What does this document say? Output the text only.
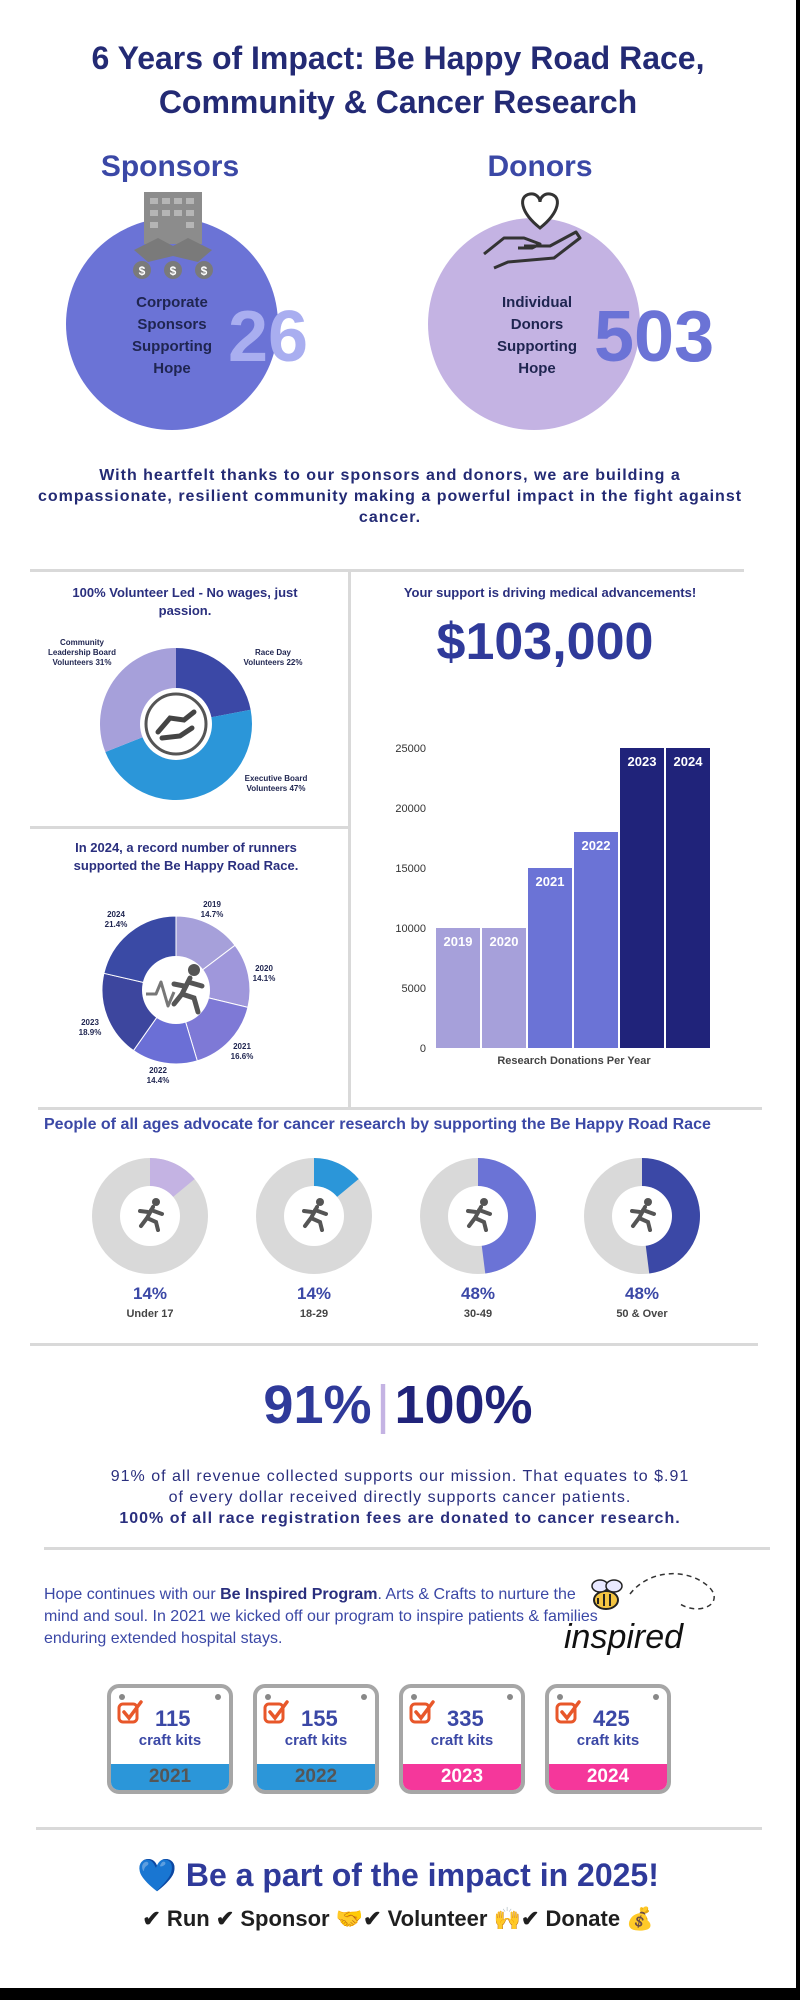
6 Years of Impact: Be Happy Road Race,
Community & Cancer Research
Sponsors
$ $ $
Corporate
Sponsors
Supporting
Hope 26
Donors
Individual
Donors
Supporting
Hope 503
With heartfelt thanks to our sponsors and donors, we are building a compassionate, resilient community making a powerful impact in the fight against cancer.
100% Volunteer Led - No wages, just passion.
Community
Leadership Board
Volunteers 31%
Race Day
Volunteers 22%
Executive Board
Volunteers 47%
In 2024, a record number of runners supported the Be Happy Road Race.
2019
14.7%
2020
14.1%
2021
16.6%
2022
14.4%
2023
18.9%
2024
21.4%
Your support is driving medical advancements!
$103,000
0
5000
10000
15000
20000
25000
2019 2020
2021
2022
2023 2024
Research Donations Per Year
People of all ages advocate for cancer research by supporting the Be Happy Road Race
14%
Under 17
14%
18-29
48%
30-49
48%
50 & Over
91% | 100%
91% of all revenue collected supports our mission. That equates to $.91
of every dollar received directly supports cancer patients.
100% of all race registration fees are donated to cancer research.
Hope continues with our Be Inspired Program. Arts & Crafts to nurture the mind and soul. In 2021 we kicked off our program to inspire patients & families enduring extended hospital stays.	inspired
115
craft kits
2021
155
craft kits
2022
335
craft kits
2023
425
craft kits
2024
💙 Be a part of the impact in 2025!
✔ Run ✔ Sponsor 🤝✔ Volunteer 🙌✔ Donate 💰
